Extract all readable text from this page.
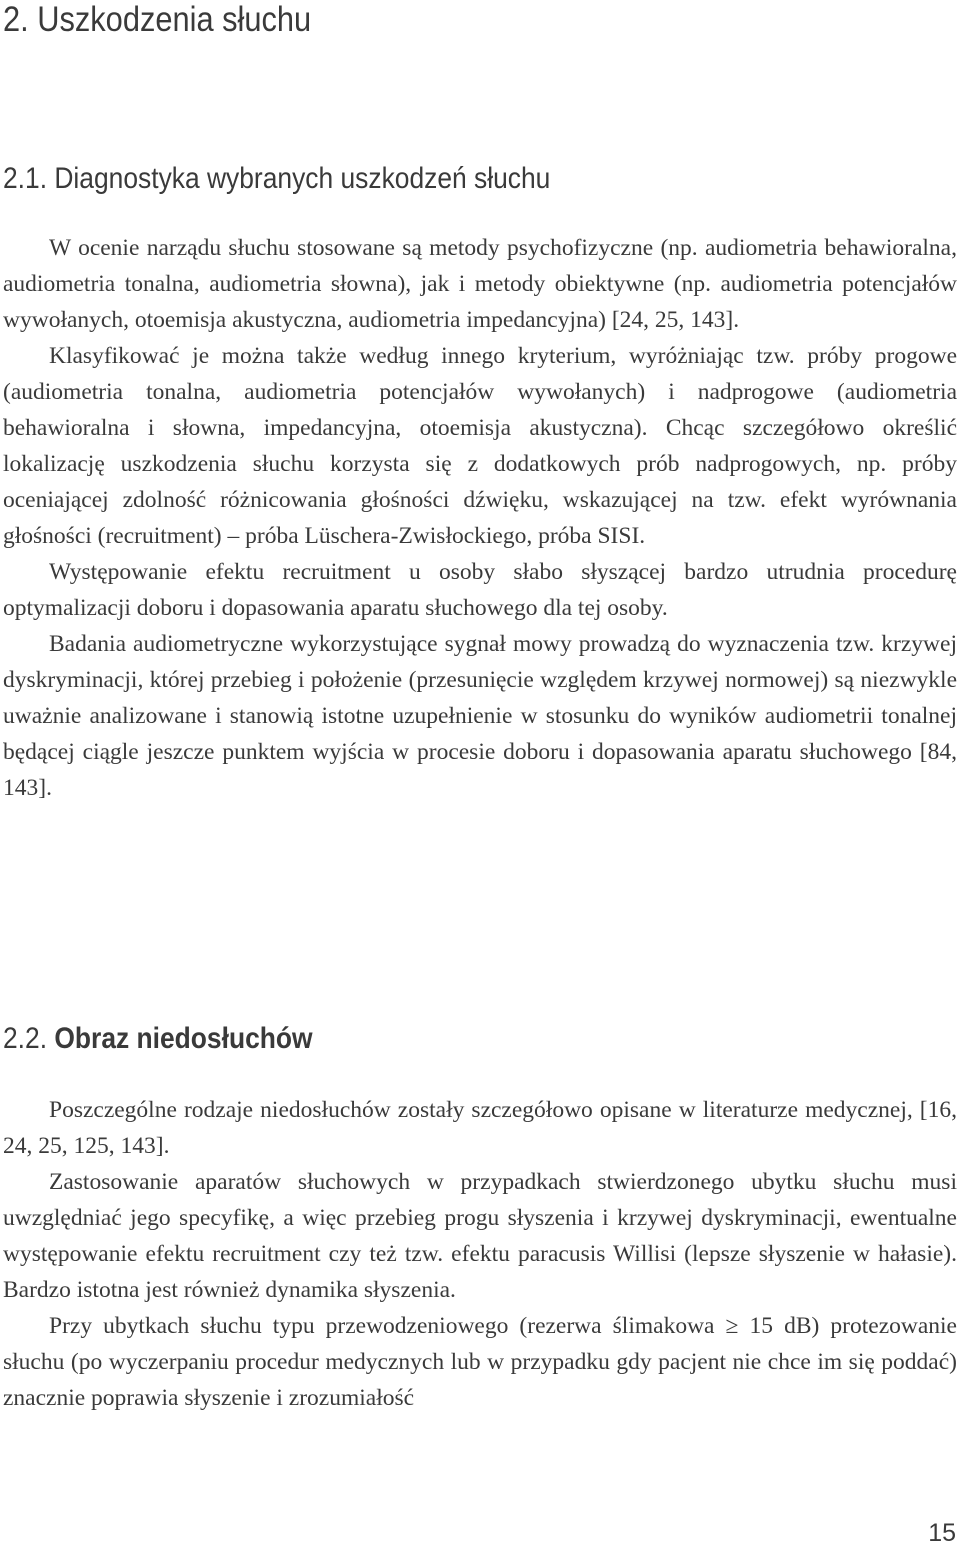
2. Uszkodzenia słuchu
2.1. Diagnostyka wybranych uszkodzeń słuchu

W ocenie narządu słuchu stosowane są metody psychofizyczne (np. audiometria behawioralna, audiometria tonalna, audiometria słowna), jak i metody obiektywne (np. audiometria potencjałów wywołanych, otoemisja akustyczna, audiometria impedancyjna) [24, 25, 143].

Klasyfikować je można także według innego kryterium, wyróżniając tzw. próby progowe (audiometria tonalna, audiometria potencjałów wywołanych) i nadprogowe (audiometria behawioralna i słowna, impedancyjna, otoemisja akustyczna). Chcąc szczegółowo określić lokalizację uszkodzenia słuchu korzysta się z dodatkowych prób nadprogowych, np. próby oceniającej zdolność różnicowania głośności dźwięku, wskazującej na tzw. efekt wyrównania głośności (recruitment) – próba Lüschera-Zwisłockiego, próba SISI.

Występowanie efektu recruitment u osoby słabo słyszącej bardzo utrudnia procedurę optymalizacji doboru i dopasowania aparatu słuchowego dla tej osoby.

Badania audiometryczne wykorzystujące sygnał mowy prowadzą do wyznaczenia tzw. krzywej dyskryminacji, której przebieg i położenie (przesunięcie względem krzywej normowej) są niezwykle uważnie analizowane i stanowią istotne uzupełnienie w stosunku do wyników audiometrii tonalnej będącej ciągle jeszcze punktem wyjścia w procesie doboru i dopasowania aparatu słuchowego [84, 143].

2.2. Obraz niedosłuchów

Poszczególne rodzaje niedosłuchów zostały szczegółowo opisane w literaturze medycznej, [16, 24, 25, 125, 143].

Zastosowanie aparatów słuchowych w przypadkach stwierdzonego ubytku słuchu musi uwzględniać jego specyfikę, a więc przebieg progu słyszenia i krzywej dyskryminacji, ewentualne występowanie efektu recruitment czy też tzw. efektu paracusis Willisi (lepsze słyszenie w hałasie). Bardzo istotna jest również dynamika słyszenia.

Przy ubytkach słuchu typu przewodzeniowego (rezerwa ślimakowa ≥ 15 dB) protezowanie słuchu (po wyczerpaniu procedur medycznych lub w przypadku gdy pacjent nie chce im się poddać) znacznie poprawia słyszenie i zrozumiałość

15
